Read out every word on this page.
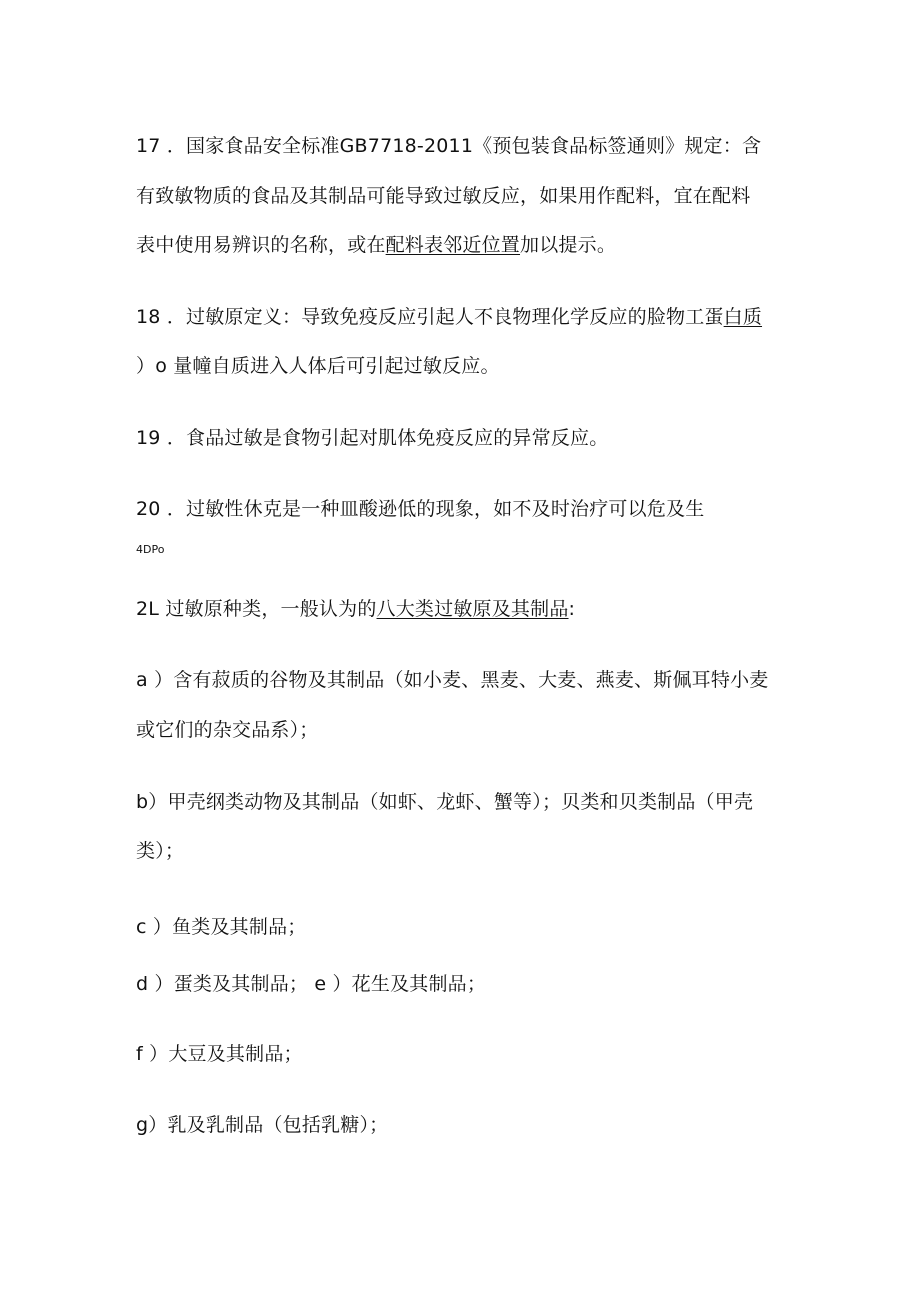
17 ．国家食品安全标准GB7718-2011《预包装食品标签通则》规定：含
有致敏物质的食品及其制品可能导致过敏反应，如果用作配料，宜在配料
表中使用易辨识的名称，或在配料表邻近位置加以提示。
18 ．过敏原定义：导致免疫反应引起人不良物理化学反应的脸物工蛋白质
）o 量幢自质进入人体后可引起过敏反应。
19 ．食品过敏是食物引起对肌体免疫反应的异常反应。
20 ．过敏性休克是一种皿酸逊低的现象，如不及时治疗可以危及生
4DPo
2L 过敏原种类，一般认为的八大类过敏原及其制品:
a ）含有菽质的谷物及其制品（如小麦、黑麦、大麦、燕麦、斯佩耳特小麦
或它们的杂交品系）；
b）甲壳纲类动物及其制品（如虾、龙虾、蟹等）；贝类和贝类制品（甲壳
类）；
c ）鱼类及其制品；
d ）蛋类及其制品； e ）花生及其制品；
f ）大豆及其制品；
g）乳及乳制品（包括乳糖）；
